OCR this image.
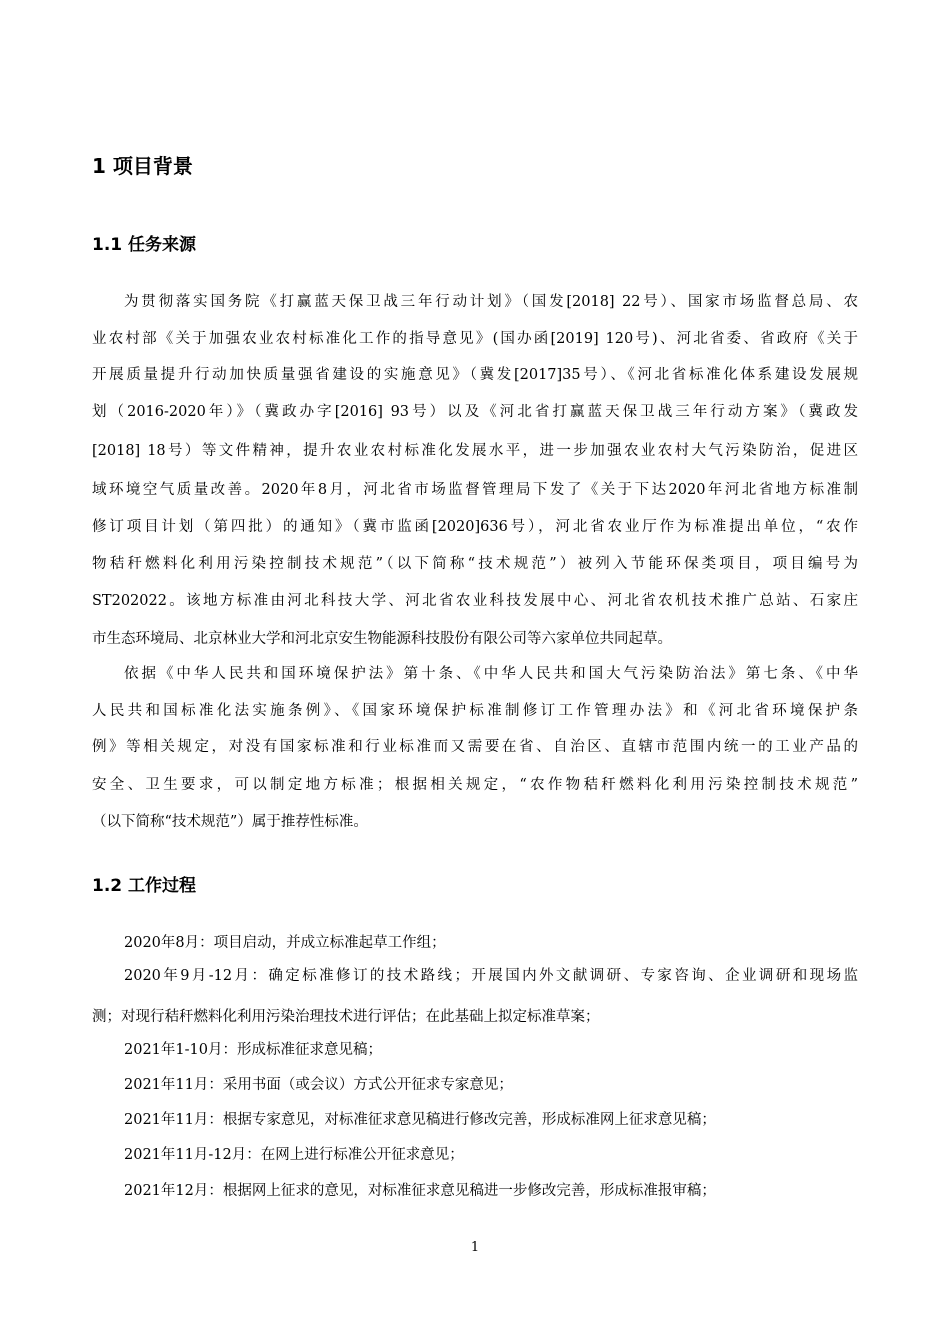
1 项目背景
1.1 任务来源
为贯彻落实国务院《打赢蓝天保卫战三年行动计划》（国发[2018] 22号）、国家市场监督总局、农
业农村部《关于加强农业农村标准化工作的指导意见》(国办函[2019] 120号)、河北省委、省政府《关于
开展质量提升行动加快质量强省建设的实施意见》（冀发[2017]35号）、《河北省标准化体系建设发展规
划（2016-2020年）》（冀政办字[2016] 93号）以及《河北省打赢蓝天保卫战三年行动方案》（冀政发
[2018] 18号）等文件精神，提升农业农村标准化发展水平，进一步加强农业农村大气污染防治，促进区
域环境空气质量改善。2020年8月，河北省市场监督管理局下发了《关于下达2020年河北省地方标准制
修订项目计划（第四批）的通知》（冀市监函[2020]636号），河北省农业厅作为标准提出单位，“农作
物秸秆燃料化利用污染控制技术规范”（以下简称“技术规范”）被列入节能环保类项目，项目编号为
ST202022。该地方标准由河北科技大学、河北省农业科技发展中心、河北省农机技术推广总站、石家庄
市生态环境局、北京林业大学和河北京安生物能源科技股份有限公司等六家单位共同起草。
依据《中华人民共和国环境保护法》第十条、《中华人民共和国大气污染防治法》第七条、《中华
人民共和国标准化法实施条例》、《国家环境保护标准制修订工作管理办法》和《河北省环境保护条
例》等相关规定，对没有国家标准和行业标准而又需要在省、自治区、直辖市范围内统一的工业产品的
安全、卫生要求，可以制定地方标准；根据相关规定，“农作物秸秆燃料化利用污染控制技术规范”
（以下简称“技术规范”）属于推荐性标准。
1.2 工作过程
2020年8月：项目启动，并成立标准起草工作组；
2020年9月-12月：确定标准修订的技术路线；开展国内外文献调研、专家咨询、企业调研和现场监
测；对现行秸秆燃料化利用污染治理技术进行评估；在此基础上拟定标准草案；
2021年1-10月：形成标准征求意见稿；
2021年11月：采用书面（或会议）方式公开征求专家意见；
2021年11月：根据专家意见，对标准征求意见稿进行修改完善，形成标准网上征求意见稿；
2021年11月-12月：在网上进行标准公开征求意见；
2021年12月：根据网上征求的意见，对标准征求意见稿进一步修改完善，形成标准报审稿；
1
